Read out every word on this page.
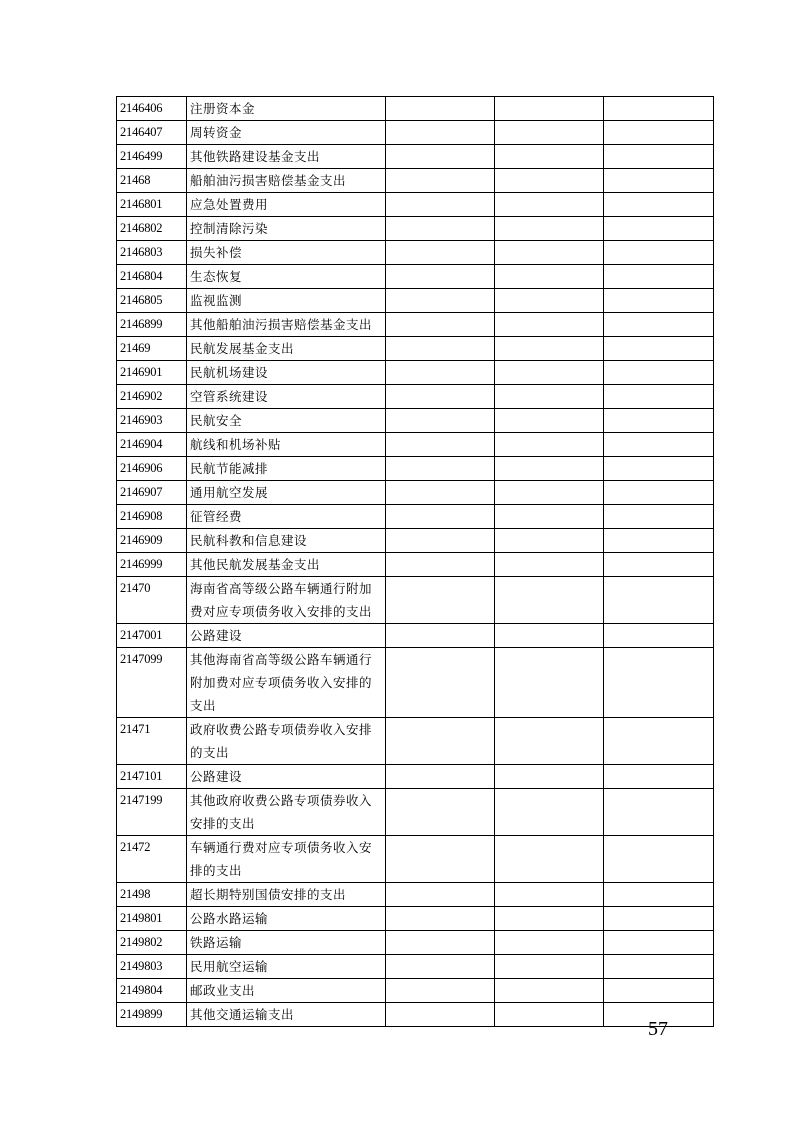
2146406	注册资本金			
2146407	周转资金			
2146499	其他铁路建设基金支出			
21468	船舶油污损害赔偿基金支出			
2146801	应急处置费用			
2146802	控制清除污染			
2146803	损失补偿			
2146804	生态恢复			
2146805	监视监测			
2146899	其他船舶油污损害赔偿基金支出			
21469	民航发展基金支出			
2146901	民航机场建设			
2146902	空管系统建设			
2146903	民航安全			
2146904	航线和机场补贴			
2146906	民航节能减排			
2146907	通用航空发展			
2146908	征管经费			
2146909	民航科教和信息建设			
2146999	其他民航发展基金支出			
21470	海南省高等级公路车辆通行附加费对应专项债务收入安排的支出			
2147001	公路建设			
2147099	其他海南省高等级公路车辆通行附加费对应专项债务收入安排的支出			
21471	政府收费公路专项债券收入安排的支出			
2147101	公路建设			
2147199	其他政府收费公路专项债券收入安排的支出			
21472	车辆通行费对应专项债务收入安排的支出			
21498	超长期特别国债安排的支出			
2149801	公路水路运输			
2149802	铁路运输			
2149803	民用航空运输			
2149804	邮政业支出			
2149899	其他交通运输支出			
57
